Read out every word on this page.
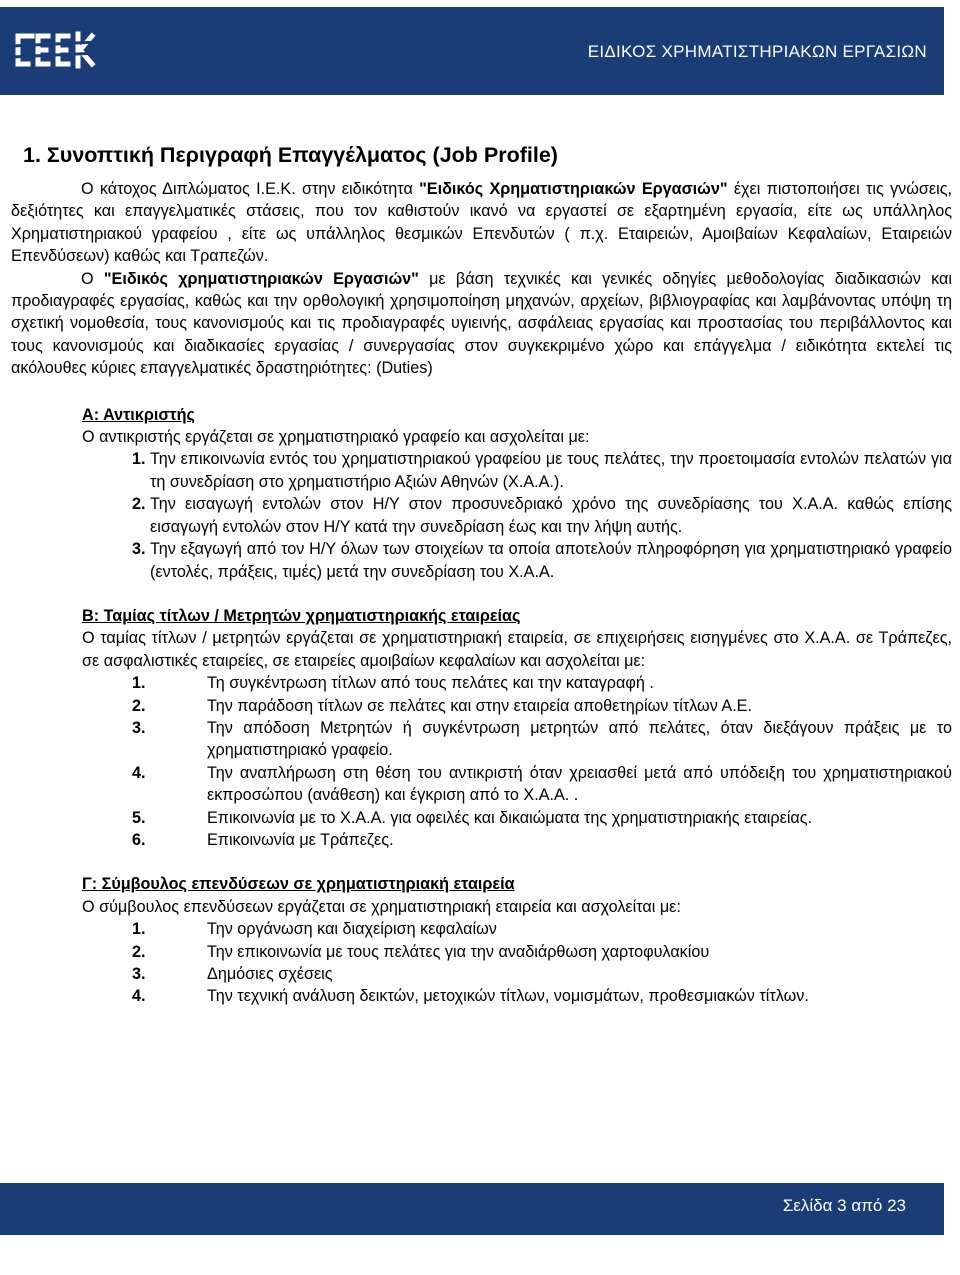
ΕΙΔΙΚΟΣ ΧΡΗΜΑΤΙΣΤΗΡΙΑΚΩΝ ΕΡΓΑΣΙΩΝ
1. Συνοπτική Περιγραφή Επαγγέλματος (Job Profile)

Ο κάτοχος Διπλώματος Ι.Ε.Κ. στην ειδικότητα "Ειδικός Χρηματιστηριακών Εργασιών" έχει πιστοποιήσει τις γνώσεις, δεξιότητες και επαγγελματικές στάσεις, που τον καθιστούν ικανό να εργαστεί σε εξαρτημένη εργασία, είτε ως υπάλληλος Χρηματιστηριακού γραφείου , είτε ως υπάλληλος θεσμικών Επενδυτών ( π.χ. Εταιρειών, Αμοιβαίων Κεφαλαίων, Εταιρειών Επενδύσεων) καθώς και Τραπεζών.

Ο "Ειδικός χρηματιστηριακών Εργασιών" με βάση τεχνικές και γενικές οδηγίες μεθοδολογίας διαδικασιών και προδιαγραφές εργασίας, καθώς και την ορθολογική χρησιμοποίηση μηχανών, αρχείων, βιβλιογραφίας και λαμβάνοντας υπόψη τη σχετική νομοθεσία, τους κανονισμούς και τις προδιαγραφές υγιεινής, ασφάλειας εργασίας και προστασίας του περιβάλλοντος και τους κανονισμούς και διαδικασίες εργασίας / συνεργασίας στον συγκεκριμένο χώρο και επάγγελμα / ειδικότητα εκτελεί τις ακόλουθες κύριες επαγγελματικές δραστηριότητες: (Duties)

Α: Αντικριστής

Ο αντικριστής εργάζεται σε χρηματιστηριακό γραφείο και ασχολείται με:

1. Την επικοινωνία εντός του χρηματιστηριακού γραφείου με τους πελάτες, την προετοιμασία εντολών πελατών για τη συνεδρίαση στο χρηματιστήριο Αξιών Αθηνών (Χ.Α.Α.).
2. Την εισαγωγή εντολών στον Η/Υ στον προσυνεδριακό χρόνο της συνεδρίασης του Χ.Α.Α. καθώς επίσης εισαγωγή εντολών στον Η/Υ κατά την συνεδρίαση έως και την λήψη αυτής.
3. Την εξαγωγή από τον Η/Υ όλων των στοιχείων τα οποία αποτελούν πληροφόρηση για χρηματιστηριακό γραφείο (εντολές, πράξεις, τιμές) μετά την συνεδρίαση του Χ.Α.Α.

Β: Ταμίας τίτλων / Μετρητών χρηματιστηριακής εταιρείας

Ο ταμίας τίτλων / μετρητών εργάζεται σε χρηματιστηριακή εταιρεία, σε επιχειρήσεις εισηγμένες στο Χ.Α.Α. σε Τράπεζες, σε ασφαλιστικές εταιρείες, σε εταιρείες αμοιβαίων κεφαλαίων και ασχολείται με:

1.	Τη συγκέντρωση τίτλων από τους πελάτες και την καταγραφή .
2.	Την παράδοση τίτλων σε πελάτες και στην εταιρεία αποθετηρίων τίτλων Α.Ε.
3.	Την απόδοση Μετρητών ή συγκέντρωση μετρητών από πελάτες, όταν διεξάγουν πράξεις με το χρηματιστηριακό γραφείο.
4.	Την αναπλήρωση στη θέση του αντικριστή όταν χρειασθεί μετά από υπόδειξη του χρηματιστηριακού εκπροσώπου (ανάθεση) και έγκριση από το Χ.Α.Α. .
5.	Επικοινωνία με το Χ.Α.Α. για οφειλές και δικαιώματα της χρηματιστηριακής εταιρείας.
6.	Επικοινωνία με Τράπεζες.

Γ: Σύμβουλος επενδύσεων σε χρηματιστηριακή εταιρεία

Ο σύμβουλος επενδύσεων εργάζεται σε χρηματιστηριακή εταιρεία και ασχολείται με:

1.	Την οργάνωση και διαχείριση κεφαλαίων
2.	Την επικοινωνία με τους πελάτες για την αναδιάρθωση χαρτοφυλακίου
3.	Δημόσιες σχέσεις
4.	Την τεχνική ανάλυση δεικτών, μετοχικών τίτλων, νομισμάτων, προθεσμιακών τίτλων.
Σελίδα 3 από 23
